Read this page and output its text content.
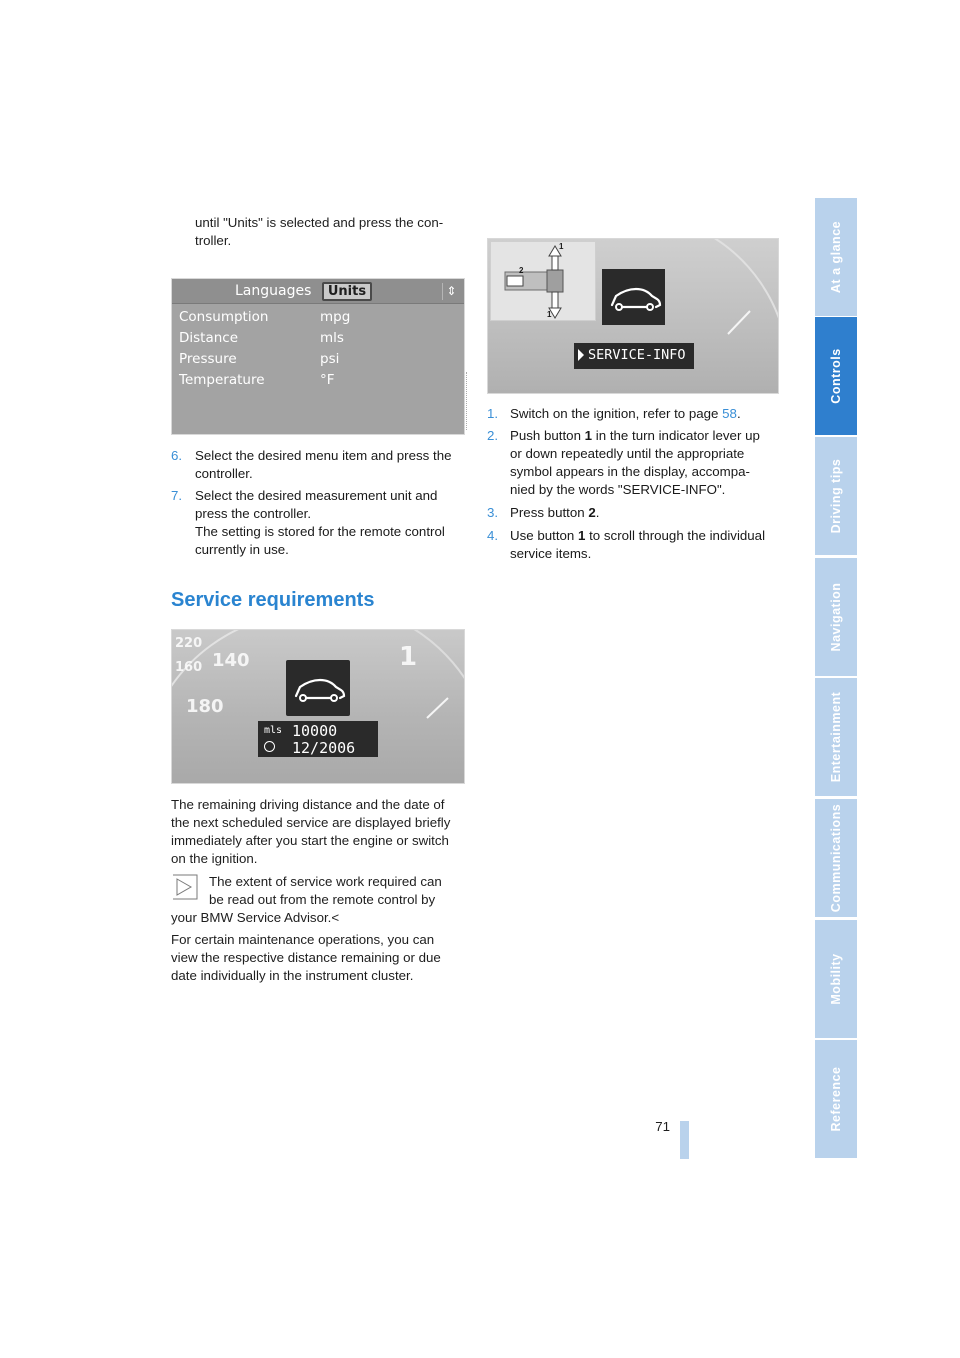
At a glance
Controls
Driving tips
Navigation
Entertainment
Communications
Mobility
Reference
until "Units" is selected and press the con-
troller.
Languages	Units	⇕
Consumption	mpg
Distance	mls
Pressure	psi
Temperature	°F
6. Select the desired menu item and press the
controller.
7. Select the desired measurement unit and
press the controller.
The setting is stored for the remote control
currently in use.
Service requirements
220
140
160
180
1
mls 10000
12/2006
The remaining driving distance and the date of
the next scheduled service are displayed briefly
immediately after you start the engine or switch
on the ignition.
The extent of service work required can
be read out from the remote control by
your BMW Service Advisor.<
For certain maintenance operations, you can
view the respective distance remaining or due
date individually in the instrument cluster.
1
2
1
SERVICE-INFO
1. Switch on the ignition, refer to page 58.
2. Push button 1 in the turn indicator lever up
or down repeatedly until the appropriate
symbol appears in the display, accompa-
nied by the words "SERVICE-INFO".
3. Press button 2.
4. Use button 1 to scroll through the individual
service items.
71
